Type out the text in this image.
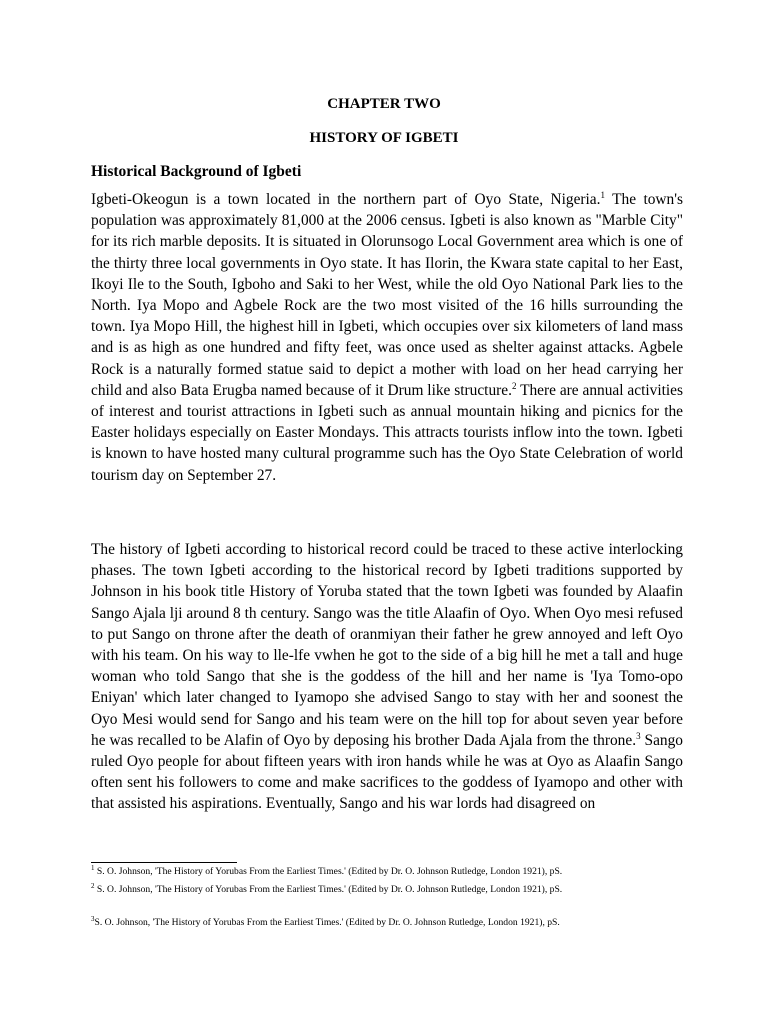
CHAPTER TWO
HISTORY OF IGBETI
Historical Background of Igbeti

Igbeti-Okeogun is a town located in the northern part of Oyo State, Nigeria.$^1$ The town's population was approximately 81,000 at the 2006 census. Igbeti is also known as "Marble City" for its rich marble deposits. It is situated in Olorunsogo Local Government area which is one of the thirty three local governments in Oyo state. It has Ilorin, the Kwara state capital to her East, Ikoyi Ile to the South, Igboho and Saki to her West, while the old Oyo National Park lies to the North. Iya Mopo and Agbele Rock are the two most visited of the 16 hills surrounding the town. Iya Mopo Hill, the highest hill in Igbeti, which occupies over six kilometers of land mass and is as high as one hundred and fifty feet, was once used as shelter against attacks. Agbele Rock is a naturally formed statue said to depict a mother with load on her head carrying her child and also Bata Erugba named because of it Drum like structure.$^2$ There are annual activities of interest and tourist attractions in Igbeti such as annual mountain hiking and picnics for the Easter holidays especially on Easter Mondays. This attracts tourists inflow into the town. Igbeti is known to have hosted many cultural programme such has the Oyo State Celebration of world tourism day on September 27.

The history of Igbeti according to historical record could be traced to these active interlocking phases. The town Igbeti according to the historical record by Igbeti traditions supported by Johnson in his book title History of Yoruba stated that the town Igbeti was founded by Alaafin Sango Ajala lji around 8 th century. Sango was the title Alaafin of Oyo. When Oyo mesi refused to put Sango on throne after the death of oranmiyan their father he grew annoyed and left Oyo with his team. On his way to lle-lfe vwhen he got to the side of a big hill he met a tall and huge woman who told Sango that she is the goddess of the hill and her name is 'Iya Tomo-opo Eniyan' which later changed to Iyamopo she advised Sango to stay with her and soonest the Oyo Mesi would send for Sango and his team were on the hill top for about seven year before he was recalled to be Alafin of Oyo by deposing his brother Dada Ajala from the throne.$^3$ Sango ruled Oyo people for about fifteen years with iron hands while he was at Oyo as Alaafin Sango often sent his followers to come and make sacrifices to the goddess of Iyamopo and other with that assisted his aspirations. Eventually, Sango and his war lords had disagreed on

$^1$ S. O. Johnson, 'The History of Yorubas From the Earliest Times.' (Edited by Dr. O. Johnson Rutledge, London 1921), pS.

$^2$ S. O. Johnson, 'The History of Yorubas From the Earliest Times.' (Edited by Dr. O. Johnson Rutledge, London 1921), pS.

$^3$S. O. Johnson, 'The History of Yorubas From the Earliest Times.' (Edited by Dr. O. Johnson Rutledge, London 1921), pS.
